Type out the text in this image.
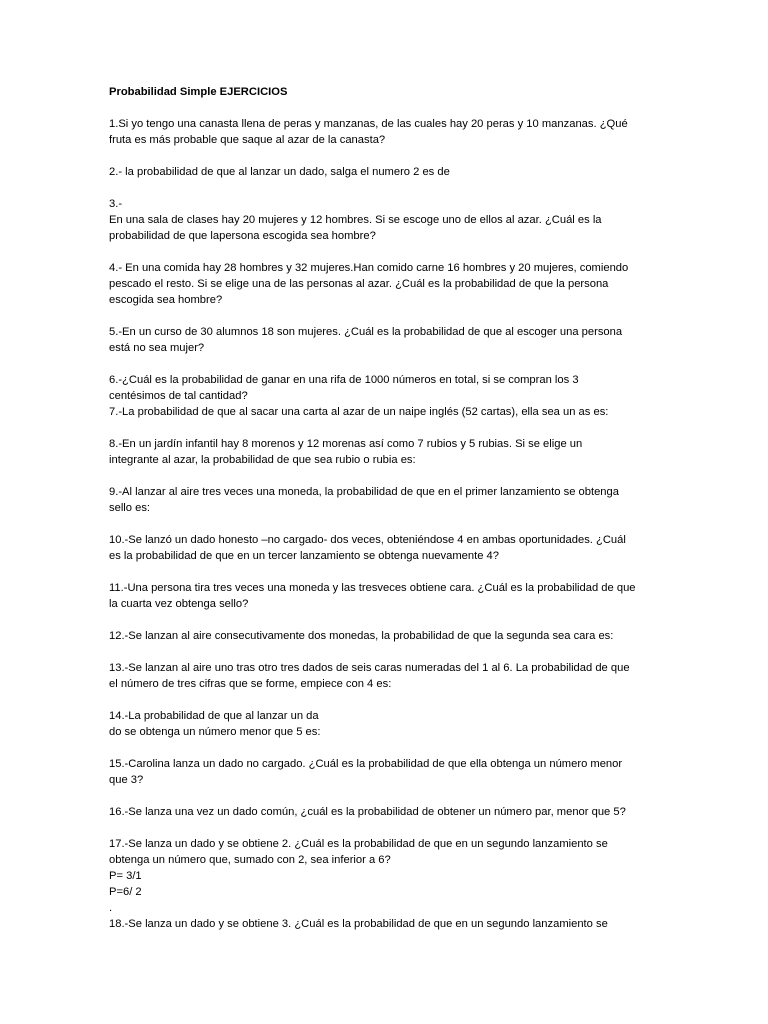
Probabilidad Simple EJERCICIOS
1.Si yo tengo una canasta llena de peras y manzanas, de las cuales hay 20 peras y 10 manzanas. ¿Qué
fruta es más probable que saque al azar de la canasta?
2.- la probabilidad de que al lanzar un dado, salga el numero 2 es de
3.-
En una sala de clases hay 20 mujeres y 12 hombres. Si se escoge uno de ellos al azar. ¿Cuál es la
probabilidad de que lapersona escogida sea hombre?
4.- En una comida hay 28 hombres y 32 mujeres.Han comido carne 16 hombres y 20 mujeres, comiendo
pescado el resto. Si se elige una de las personas al azar. ¿Cuál es la probabilidad de que la persona
escogida sea hombre?
5.-En un curso de 30 alumnos 18 son mujeres. ¿Cuál es la probabilidad de que al escoger una persona
está no sea mujer?
6.-¿Cuál es la probabilidad de ganar en una rifa de 1000 números en total, si se compran los 3
centésimos de tal cantidad?
7.-La probabilidad de que al sacar una carta al azar de un naipe inglés (52 cartas), ella sea un as es:
8.-En un jardín infantil hay 8 morenos y 12 morenas así como 7 rubios y 5 rubias. Si se elige un
integrante al azar, la probabilidad de que sea rubio o rubia es:
9.-Al lanzar al aire tres veces una moneda, la probabilidad de que en el primer lanzamiento se obtenga
sello es:
10.-Se lanzó un dado honesto –no cargado- dos veces, obteniéndose 4 en ambas oportunidades. ¿Cuál
es la probabilidad de que en un tercer lanzamiento se obtenga nuevamente 4?
11.-Una persona tira tres veces una moneda y las tresveces obtiene cara. ¿Cuál es la probabilidad de que
la cuarta vez obtenga sello?
12.-Se lanzan al aire consecutivamente dos monedas, la probabilidad de que la segunda sea cara es:
13.-Se lanzan al aire uno tras otro tres dados de seis caras numeradas del 1 al 6. La probabilidad de que
el número de tres cifras que se forme, empiece con 4 es:
14.-La probabilidad de que al lanzar un da
do se obtenga un número menor que 5 es:
15.-Carolina lanza un dado no cargado. ¿Cuál es la probabilidad de que ella obtenga un número menor
que 3?
16.-Se lanza una vez un dado común, ¿cuál es la probabilidad de obtener un número par, menor que 5?
17.-Se lanza un dado y se obtiene 2. ¿Cuál es la probabilidad de que en un segundo lanzamiento se
obtenga un número que, sumado con 2, sea inferior a 6?
P= 3/1
P=6/ 2
.
18.-Se lanza un dado y se obtiene 3. ¿Cuál es la probabilidad de que en un segundo lanzamiento se
